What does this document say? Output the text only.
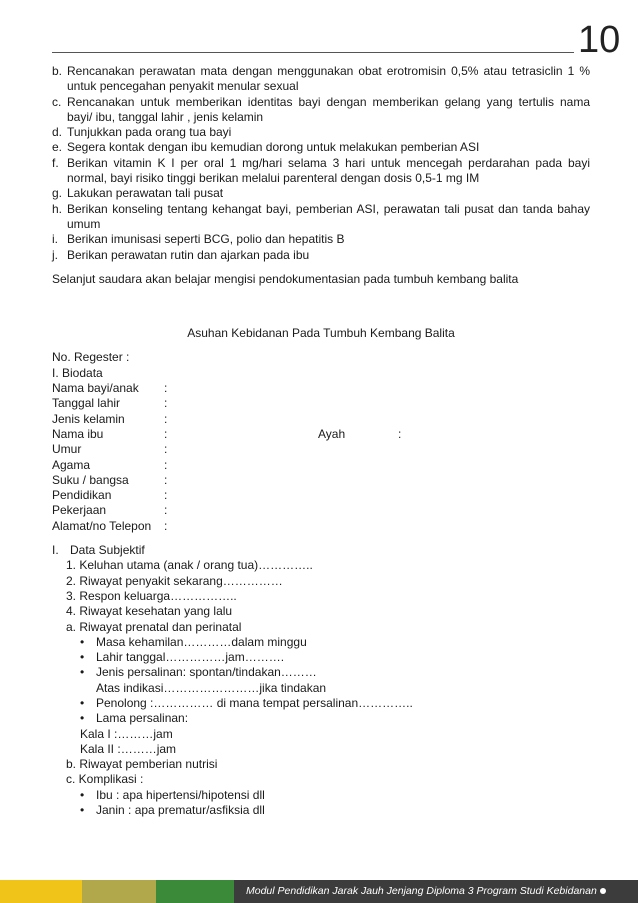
10
b. Rencanakan perawatan mata dengan menggunakan obat erotromisin 0,5% atau tetrasiclin 1 % untuk pencegahan penyakit menular sexual
c. Rencanakan untuk memberikan identitas bayi dengan memberikan gelang yang tertulis nama bayi/ ibu, tanggal lahir , jenis kelamin
d. Tunjukkan pada orang tua bayi
e. Segera kontak dengan ibu kemudian dorong untuk melakukan pemberian ASI
f. Berikan vitamin K I per oral 1 mg/hari selama 3 hari untuk mencegah perdarahan pada bayi normal, bayi risiko tinggi berikan melalui parenteral dengan dosis 0,5-1 mg IM
g. Lakukan perawatan tali pusat
h. Berikan konseling tentang kehangat bayi, pemberian ASI, perawatan tali pusat dan tanda bahay umum
i. Berikan imunisasi seperti BCG, polio dan hepatitis B
j. Berikan perawatan rutin dan ajarkan pada ibu
Selanjut saudara akan belajar mengisi pendokumentasian pada tumbuh kembang balita
Asuhan Kebidanan Pada Tumbuh Kembang Balita
No. Regester :
I. Biodata
Nama bayi/anak :
Tanggal lahir	:
Jenis kelamin	:
Nama ibu	:	Ayah	:
Umur	:
Agama	:
Suku / bangsa	:
Pendidikan	:
Pekerjaan	:
Alamat/no Telepon :
I. Data Subjektif
1. Keluhan utama (anak / orang tua)…………..
2. Riwayat penyakit sekarang……………
3. Respon keluarga……………..
4. Riwayat kesehatan yang lalu
a. Riwayat prenatal dan perinatal
• Masa kehamilan…………dalam minggu
• Lahir tanggal……………jam……….
• Jenis persalinan: spontan/tindakan………
Atas indikasi……………………jika tindakan
• Penolong :…………… di mana tempat persalinan…………..
• Lama persalinan:
Kala I :………jam
Kala II :………jam
b. Riwayat pemberian nutrisi
c. Komplikasi :
• Ibu : apa hipertensi/hipotensi dll
• Janin : apa prematur/asfiksia dll
Modul Pendidikan Jarak Jauh Jenjang Diploma 3 Program Studi Kebidanan
